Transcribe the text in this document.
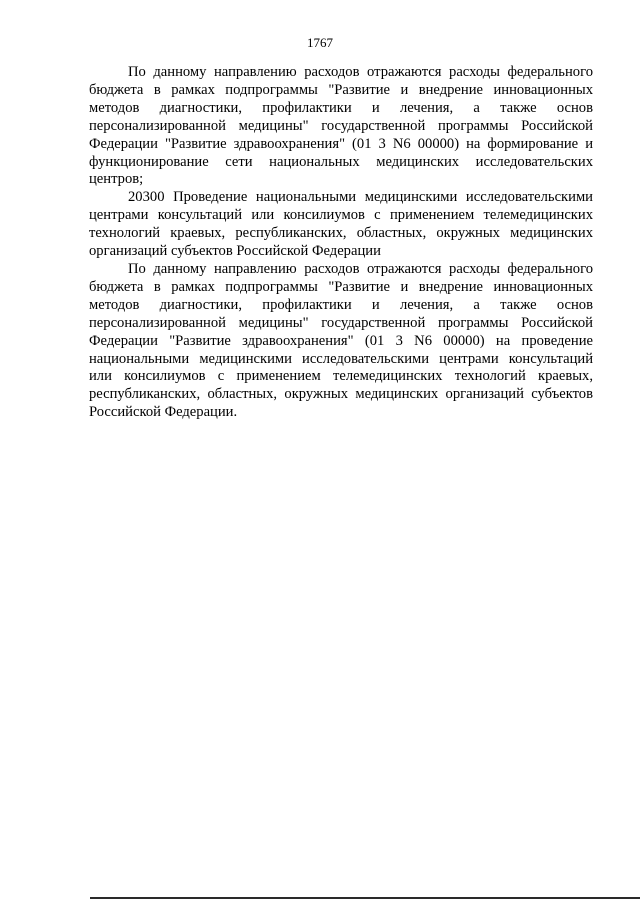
1767

По данному направлению расходов отражаются расходы федерального бюджета в рамках подпрограммы "Развитие и внедрение инновационных методов диагностики, профилактики и лечения, а также основ персонализированной медицины" государственной программы Российской Федерации "Развитие здравоохранения" (01 3 N6 00000) на формирование и функционирование сети национальных медицинских исследовательских центров;

20300 Проведение национальными медицинскими исследовательскими центрами консультаций или консилиумов с применением телемедицинских технологий краевых, республиканских, областных, окружных медицинских организаций субъектов Российской Федерации

По данному направлению расходов отражаются расходы федерального бюджета в рамках подпрограммы "Развитие и внедрение инновационных методов диагностики, профилактики и лечения, а также основ персонализированной медицины" государственной программы Российской Федерации "Развитие здравоохранения" (01 3 N6 00000) на проведение национальными медицинскими исследовательскими центрами консультаций или консилиумов с применением телемедицинских технологий краевых, республиканских, областных, окружных медицинских организаций субъектов Российской Федерации.
